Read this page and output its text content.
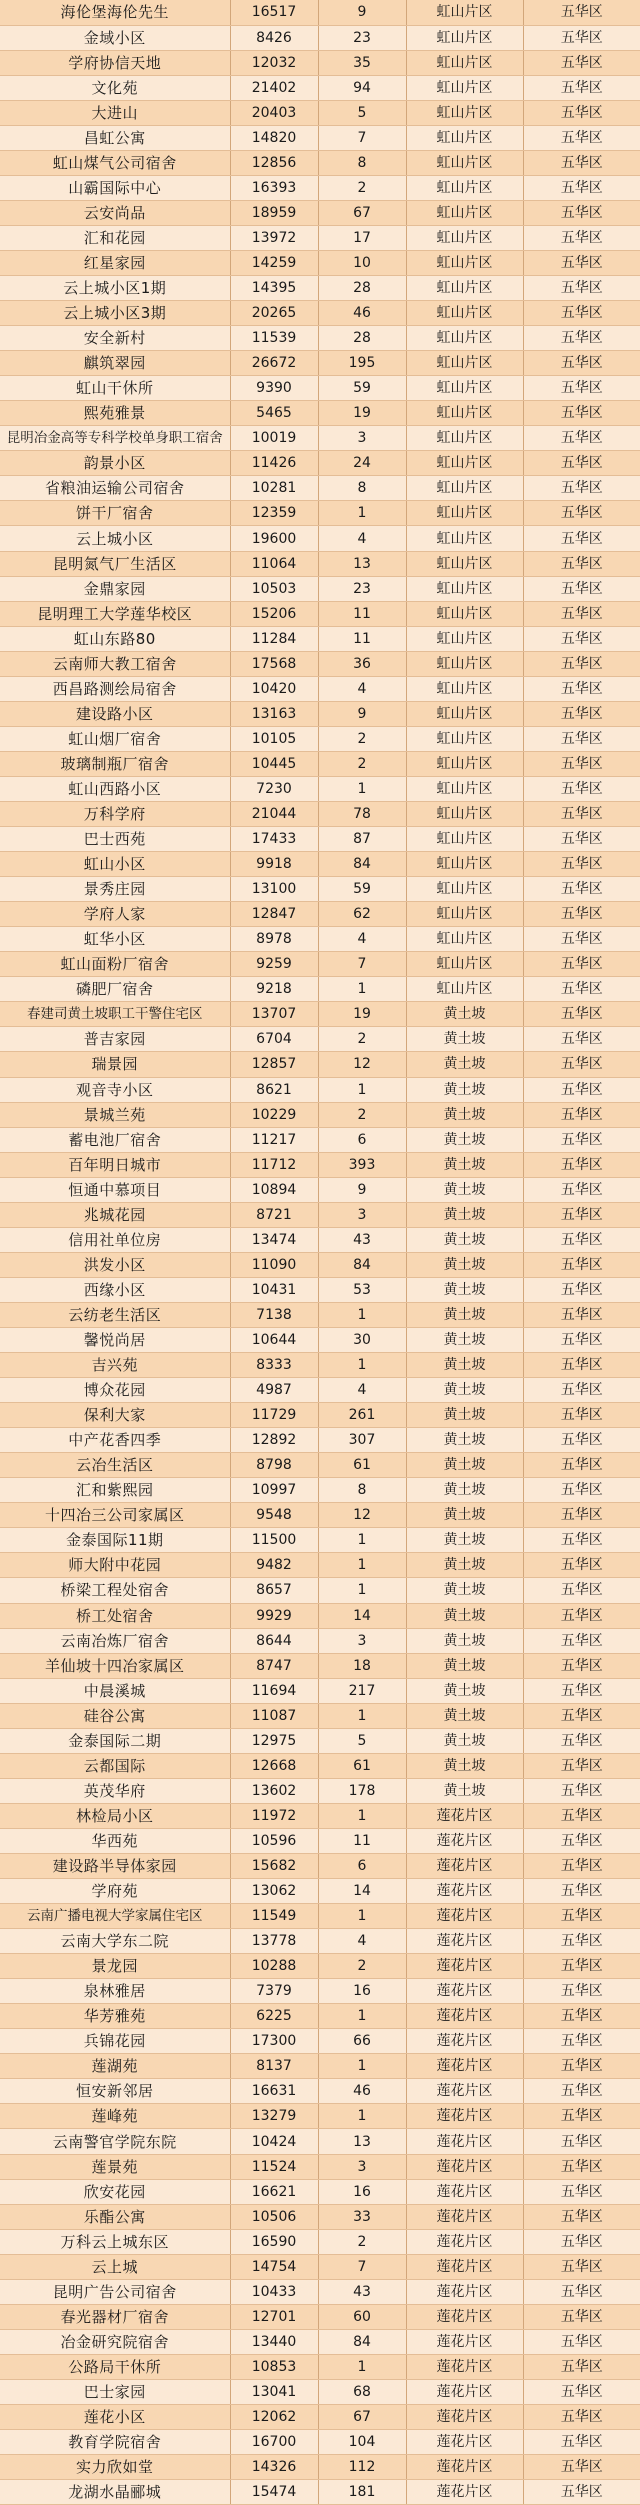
海伦堡海伦先生	16517	9	虹山片区	五华区
金域小区	8426	23	虹山片区	五华区
学府协信天地	12032	35	虹山片区	五华区
文化苑	21402	94	虹山片区	五华区
大进山	20403	5	虹山片区	五华区
昌虹公寓	14820	7	虹山片区	五华区
虹山煤气公司宿舍	12856	8	虹山片区	五华区
山霸国际中心	16393	2	虹山片区	五华区
云安尚品	18959	67	虹山片区	五华区
汇和花园	13972	17	虹山片区	五华区
红星家园	14259	10	虹山片区	五华区
云上城小区1期	14395	28	虹山片区	五华区
云上城小区3期	20265	46	虹山片区	五华区
安全新村	11539	28	虹山片区	五华区
麒筑翠园	26672	195	虹山片区	五华区
虹山干休所	9390	59	虹山片区	五华区
熙苑雅景	5465	19	虹山片区	五华区
昆明冶金高等专科学校单身职工宿舍	10019	3	虹山片区	五华区
韵景小区	11426	24	虹山片区	五华区
省粮油运输公司宿舍	10281	8	虹山片区	五华区
饼干厂宿舍	12359	1	虹山片区	五华区
云上城小区	19600	4	虹山片区	五华区
昆明氮气厂生活区	11064	13	虹山片区	五华区
金鼎家园	10503	23	虹山片区	五华区
昆明理工大学莲华校区	15206	11	虹山片区	五华区
虹山东路80	11284	11	虹山片区	五华区
云南师大教工宿舍	17568	36	虹山片区	五华区
西昌路测绘局宿舍	10420	4	虹山片区	五华区
建设路小区	13163	9	虹山片区	五华区
虹山烟厂宿舍	10105	2	虹山片区	五华区
玻璃制瓶厂宿舍	10445	2	虹山片区	五华区
虹山西路小区	7230	1	虹山片区	五华区
万科学府	21044	78	虹山片区	五华区
巴士西苑	17433	87	虹山片区	五华区
虹山小区	9918	84	虹山片区	五华区
景秀庄园	13100	59	虹山片区	五华区
学府人家	12847	62	虹山片区	五华区
虹华小区	8978	4	虹山片区	五华区
虹山面粉厂宿舍	9259	7	虹山片区	五华区
磷肥厂宿舍	9218	1	虹山片区	五华区
春建司黄土坡职工干警住宅区	13707	19	黄土坡	五华区
普吉家园	6704	2	黄土坡	五华区
瑞景园	12857	12	黄土坡	五华区
观音寺小区	8621	1	黄土坡	五华区
景城兰苑	10229	2	黄土坡	五华区
蓄电池厂宿舍	11217	6	黄土坡	五华区
百年明日城市	11712	393	黄土坡	五华区
恒通中慕项目	10894	9	黄土坡	五华区
兆城花园	8721	3	黄土坡	五华区
信用社单位房	13474	43	黄土坡	五华区
洪发小区	11090	84	黄土坡	五华区
西缘小区	10431	53	黄土坡	五华区
云纺老生活区	7138	1	黄土坡	五华区
馨悦尚居	10644	30	黄土坡	五华区
吉兴苑	8333	1	黄土坡	五华区
博众花园	4987	4	黄土坡	五华区
保利大家	11729	261	黄土坡	五华区
中产花香四季	12892	307	黄土坡	五华区
云冶生活区	8798	61	黄土坡	五华区
汇和紫熙园	10997	8	黄土坡	五华区
十四冶三公司家属区	9548	12	黄土坡	五华区
金泰国际11期	11500	1	黄土坡	五华区
师大附中花园	9482	1	黄土坡	五华区
桥梁工程处宿舍	8657	1	黄土坡	五华区
桥工处宿舍	9929	14	黄土坡	五华区
云南冶炼厂宿舍	8644	3	黄土坡	五华区
羊仙坡十四冶家属区	8747	18	黄土坡	五华区
中晨溪城	11694	217	黄土坡	五华区
硅谷公寓	11087	1	黄土坡	五华区
金泰国际二期	12975	5	黄土坡	五华区
云都国际	12668	61	黄土坡	五华区
英茂华府	13602	178	黄土坡	五华区
林检局小区	11972	1	莲花片区	五华区
华西苑	10596	11	莲花片区	五华区
建设路半导体家园	15682	6	莲花片区	五华区
学府苑	13062	14	莲花片区	五华区
云南广播电视大学家属住宅区	11549	1	莲花片区	五华区
云南大学东二院	13778	4	莲花片区	五华区
景龙园	10288	2	莲花片区	五华区
泉林雅居	7379	16	莲花片区	五华区
华芳雅苑	6225	1	莲花片区	五华区
兵锦花园	17300	66	莲花片区	五华区
莲湖苑	8137	1	莲花片区	五华区
恒安新邻居	16631	46	莲花片区	五华区
莲峰苑	13279	1	莲花片区	五华区
云南警官学院东院	10424	13	莲花片区	五华区
莲景苑	11524	3	莲花片区	五华区
欣安花园	16621	16	莲花片区	五华区
乐酯公寓	10506	33	莲花片区	五华区
万科云上城东区	16590	2	莲花片区	五华区
云上城	14754	7	莲花片区	五华区
昆明广告公司宿舍	10433	43	莲花片区	五华区
春光器材厂宿舍	12701	60	莲花片区	五华区
冶金研究院宿舍	13440	84	莲花片区	五华区
公路局干休所	10853	1	莲花片区	五华区
巴士家园	13041	68	莲花片区	五华区
莲花小区	12062	67	莲花片区	五华区
教育学院宿舍	16700	104	莲花片区	五华区
实力欣如堂	14326	112	莲花片区	五华区
龙湖水晶郦城	15474	181	莲花片区	五华区
